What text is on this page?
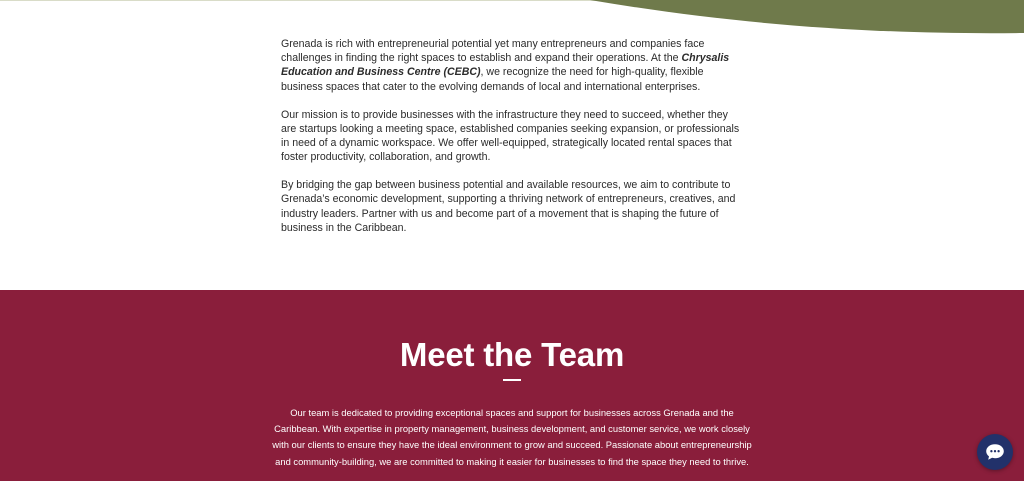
Grenada is rich with entrepreneurial potential yet many entrepreneurs and companies face challenges in finding the right spaces to establish and expand their operations. At the Chrysalis Education and Business Centre (CEBC), we recognize the need for high-quality, flexible business spaces that cater to the evolving demands of local and international enterprises.

Our mission is to provide businesses with the infrastructure they need to succeed, whether they are startups looking a meeting space, established companies seeking expansion, or professionals in need of a dynamic workspace. We offer well-equipped, strategically located rental spaces that foster productivity, collaboration, and growth.

By bridging the gap between business potential and available resources, we aim to contribute to Grenada’s economic development, supporting a thriving network of entrepreneurs, creatives, and industry leaders. Partner with us and become part of a movement that is shaping the future of business in the Caribbean.

Meet the Team

Our team is dedicated to providing exceptional spaces and support for businesses across Grenada and the Caribbean. With expertise in property management, business development, and customer service, we work closely with our clients to ensure they have the ideal environment to grow and succeed. Passionate about entrepreneurship and community-building, we are committed to making it easier for businesses to find the space they need to thrive.
